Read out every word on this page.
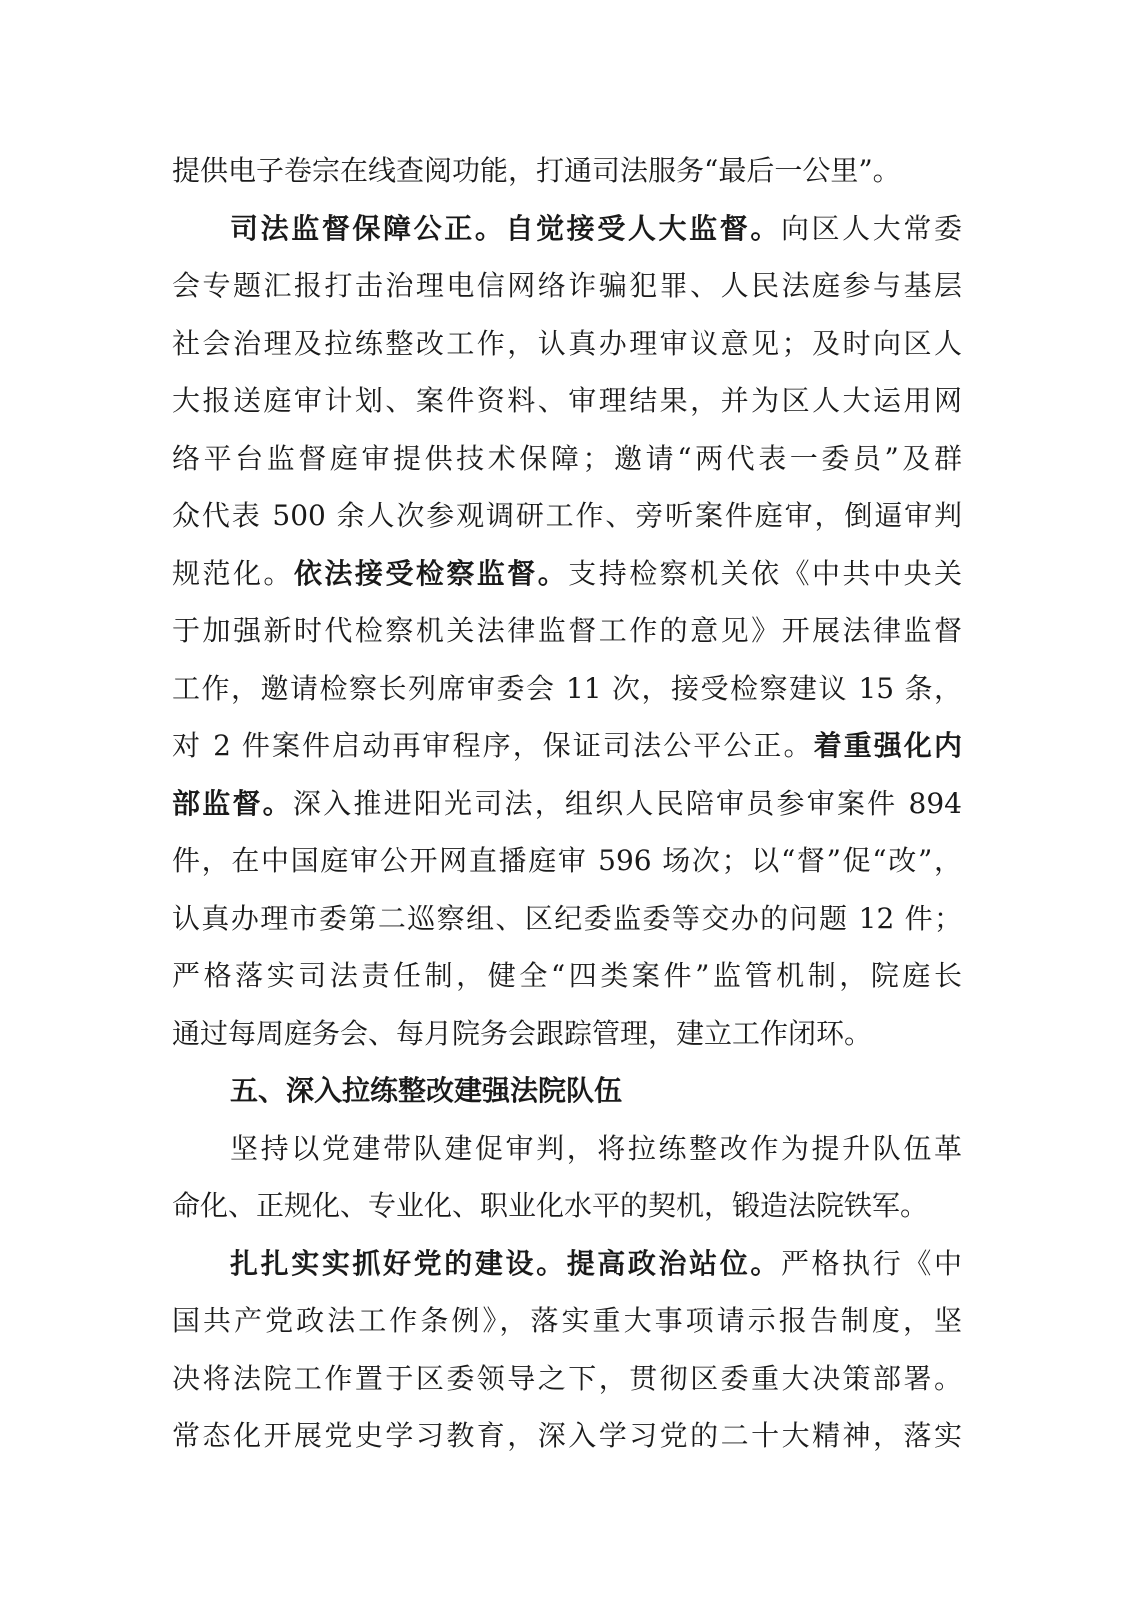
提供电子卷宗在线查阅功能，打通司法服务“最后一公里”。
司法监督保障公正。自觉接受人大监督。向区人大常委
会专题汇报打击治理电信网络诈骗犯罪、人民法庭参与基层
社会治理及拉练整改工作，认真办理审议意见；及时向区人
大报送庭审计划、案件资料、审理结果，并为区人大运用网
络平台监督庭审提供技术保障；邀请“两代表一委员”及群
众代表 500 余人次参观调研工作、旁听案件庭审，倒逼审判
规范化。依法接受检察监督。支持检察机关依《中共中央关
于加强新时代检察机关法律监督工作的意见》开展法律监督
工作，邀请检察长列席审委会 11 次，接受检察建议 15 条，
对 2 件案件启动再审程序，保证司法公平公正。着重强化内
部监督。深入推进阳光司法，组织人民陪审员参审案件 894
件，在中国庭审公开网直播庭审 596 场次；以“督”促“改”，
认真办理市委第二巡察组、区纪委监委等交办的问题 12 件；
严格落实司法责任制，健全“四类案件”监管机制，院庭长
通过每周庭务会、每月院务会跟踪管理，建立工作闭环。
五、深入拉练整改建强法院队伍
坚持以党建带队建促审判，将拉练整改作为提升队伍革
命化、正规化、专业化、职业化水平的契机，锻造法院铁军。
扎扎实实抓好党的建设。提高政治站位。严格执行《中
国共产党政法工作条例》，落实重大事项请示报告制度，坚
决将法院工作置于区委领导之下，贯彻区委重大决策部署。
常态化开展党史学习教育，深入学习党的二十大精神，落实
